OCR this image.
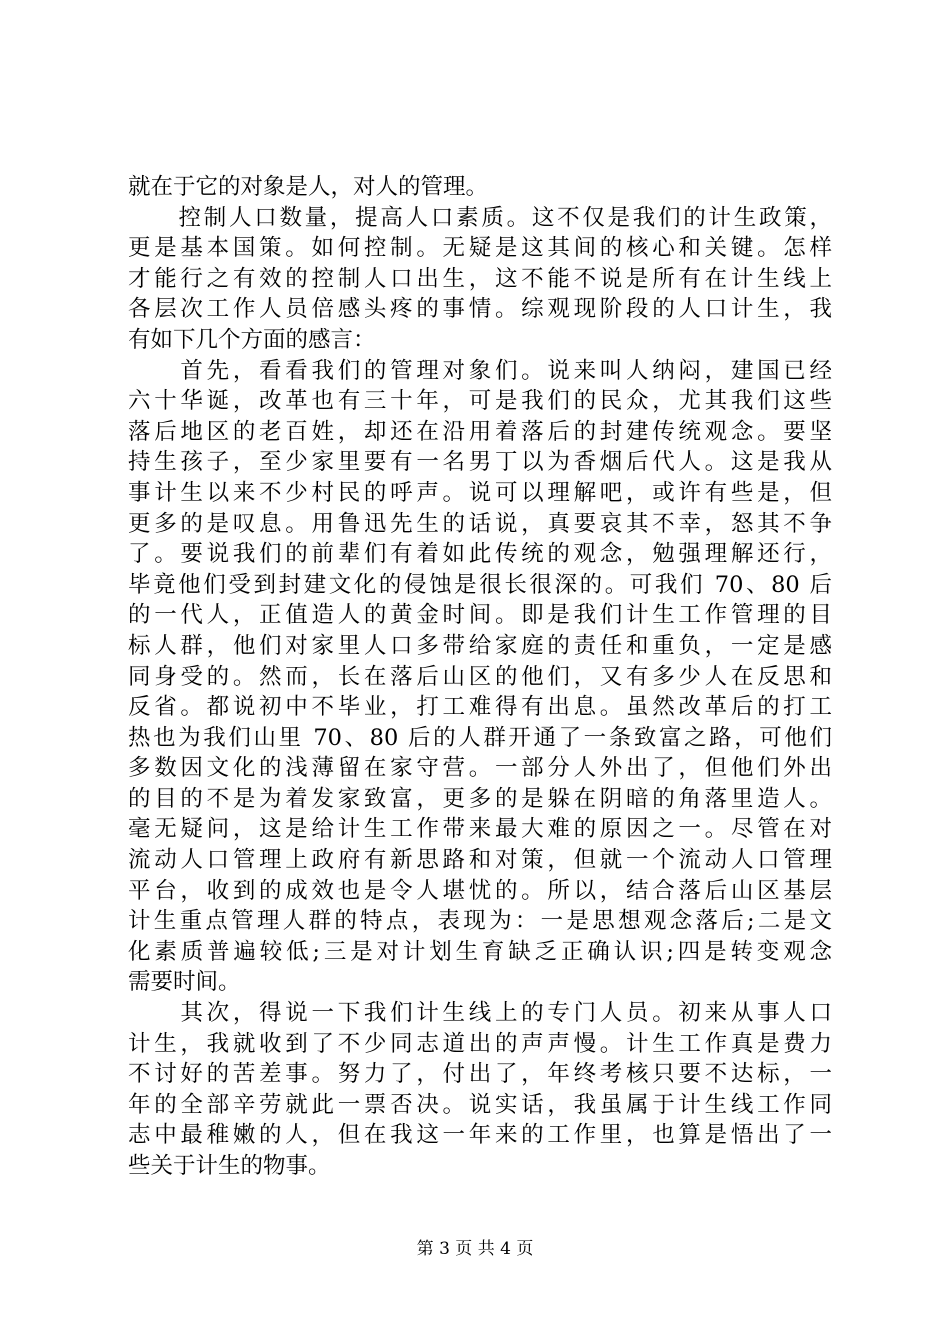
就在于它的对象是人，对人的管理。
　　控制人口数量，提高人口素质。这不仅是我们的计生政策，
更是基本国策。如何控制。无疑是这其间的核心和关键。怎样
才能行之有效的控制人口出生，这不能不说是所有在计生线上
各层次工作人员倍感头疼的事情。综观现阶段的人口计生，我
有如下几个方面的感言：
　　首先，看看我们的管理对象们。说来叫人纳闷，建国已经
六十华诞，改革也有三十年，可是我们的民众，尤其我们这些
落后地区的老百姓，却还在沿用着落后的封建传统观念。要坚
持生孩子，至少家里要有一名男丁以为香烟后代人。这是我从
事计生以来不少村民的呼声。说可以理解吧，或许有些是，但
更多的是叹息。用鲁迅先生的话说，真要哀其不幸，怒其不争
了。要说我们的前辈们有着如此传统的观念，勉强理解还行，
毕竟他们受到封建文化的侵蚀是很长很深的。可我们 70、80 后
的一代人，正值造人的黄金时间。即是我们计生工作管理的目
标人群，他们对家里人口多带给家庭的责任和重负，一定是感
同身受的。然而，长在落后山区的他们，又有多少人在反思和
反省。都说初中不毕业，打工难得有出息。虽然改革后的打工
热也为我们山里 70、80 后的人群开通了一条致富之路，可他们
多数因文化的浅薄留在家守营。一部分人外出了，但他们外出
的目的不是为着发家致富，更多的是躲在阴暗的角落里造人。
毫无疑问，这是给计生工作带来最大难的原因之一。尽管在对
流动人口管理上政府有新思路和对策，但就一个流动人口管理
平台，收到的成效也是令人堪忧的。所以，结合落后山区基层
计生重点管理人群的特点，表现为：一是思想观念落后;二是文
化素质普遍较低;三是对计划生育缺乏正确认识;四是转变观念
需要时间。
　　其次，得说一下我们计生线上的专门人员。初来从事人口
计生，我就收到了不少同志道出的声声慢。计生工作真是费力
不讨好的苦差事。努力了，付出了，年终考核只要不达标，一
年的全部辛劳就此一票否决。说实话，我虽属于计生线工作同
志中最稚嫩的人，但在我这一年来的工作里，也算是悟出了一
些关于计生的物事。
第 3 页 共 4 页
